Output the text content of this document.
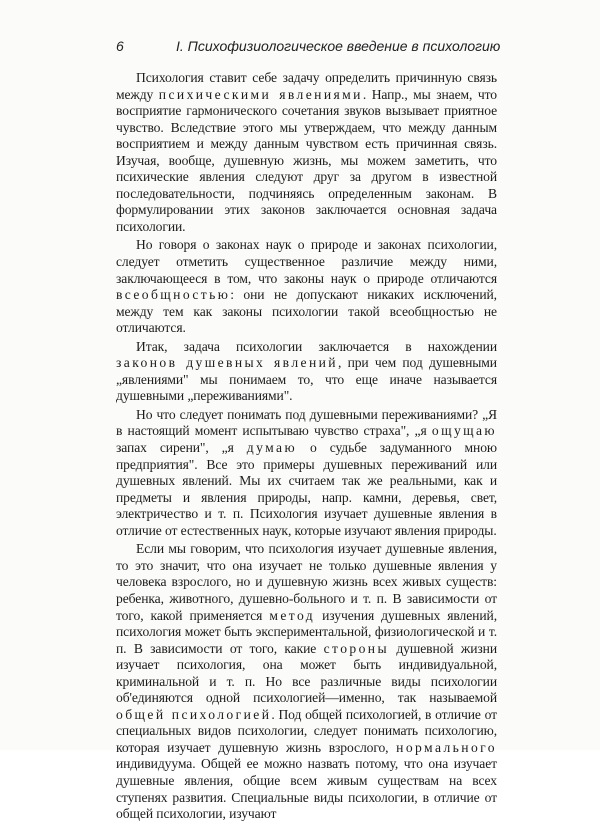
6	I. Психофизиологическое введение в психологию

Психология ставит себе задачу определить причинную связь между психическими явлениями. Напр., мы знаем, что восприятие гармонического сочетания звуков вызывает приятное чувство. Вследствие этого мы утверждаем, что между данным восприятием и между данным чувством есть причинная связь. Изучая, вообще, душевную жизнь, мы можем заметить, что психические явления следуют друг за другом в известной последовательности, подчиняясь определенным законам. В формулировании этих законов заключается основная задача психологии.

Но говоря о законах наук о природе и законах психологии, следует отметить существенное различие между ними, заключающееся в том, что законы наук о природе отличаются всеобщностью: они не допускают никаких исключений, между тем как законы психологии такой всеобщностью не отличаются.

Итак, задача психологии заключается в нахождении законов душевных явлений, при чем под душевными „явлениями" мы понимаем то, что еще иначе называется душевными „переживаниями".

Но что следует понимать под душевными переживаниями? „Я в настоящий момент испытываю чувство страха", „я ощущаю запах сирени", „я думаю о судьбе задуманного мною предприятия". Все это примеры душевных переживаний или душевных явлений. Мы их считаем так же реальными, как и предметы и явления природы, напр. камни, деревья, свет, электричество и т. п. Психология изучает душевные явления в отличие от естественных наук, которые изучают явления природы.

Если мы говорим, что психология изучает душевные явления, то это значит, что она изучает не только душевные явления у человека взрослого, но и душевную жизнь всех живых существ: ребенка, животного, душевно-больного и т. п. В зависимости от того, какой применяется метод изучения душевных явлений, психология может быть экспериментальной, физиологической и т. п. В зависимости от того, какие стороны душевной жизни изучает психология, она может быть индивидуальной, криминальной и т. п. Но все различные виды психологии об'единяются одной психологией—именно, так называемой общей психологией. Под общей психологией, в отличие от специальных видов психологии, следует понимать психологию, которая изучает душевную жизнь взрослого, нормального индивидуума. Общей ее можно назвать потому, что она изучает душевные явления, общие всем живым существам на всех ступенях развития. Специальные виды психологии, в отличие от общей психологии, изучают
